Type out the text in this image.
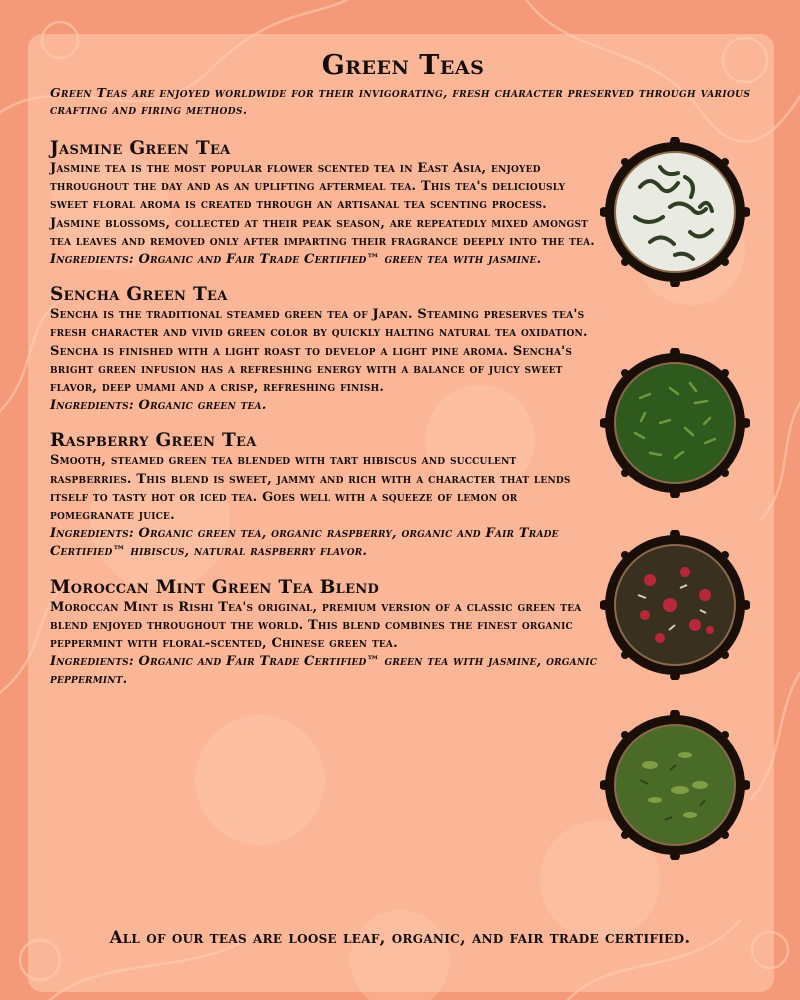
Green Teas

Green Teas are enjoyed worldwide for their invigorating, fresh character preserved through various crafting and firing methods.

Jasmine Green Tea

Jasmine tea is the most popular flower scented tea in East Asia, enjoyed throughout the day and as an uplifting aftermeal tea. This tea's deliciously sweet floral aroma is created through an artisanal tea scenting process. Jasmine blossoms, collected at their peak season, are repeatedly mixed amongst tea leaves and removed only after imparting their fragrance deeply into the tea.

Ingredients: Organic and Fair Trade Certified™ green tea with jasmine.

Sencha Green Tea

Sencha is the traditional steamed green tea of Japan. Steaming preserves tea's fresh character and vivid green color by quickly halting natural tea oxidation. Sencha is finished with a light roast to develop a light pine aroma. Sencha's bright green infusion has a refreshing energy with a balance of juicy sweet flavor, deep umami and a crisp, refreshing finish.

Ingredients: Organic green tea.

Raspberry Green Tea

Smooth, steamed green tea blended with tart hibiscus and succulent raspberries. This blend is sweet, jammy and rich with a character that lends itself to tasty hot or iced tea. Goes well with a squeeze of lemon or pomegranate juice.

Ingredients: Organic green tea, organic raspberry, organic and Fair Trade Certified™ hibiscus, natural raspberry flavor.

Moroccan Mint Green Tea Blend

Moroccan Mint is Rishi Tea's original, premium version of a classic green tea blend enjoyed throughout the world. This blend combines the finest organic peppermint with floral-scented, Chinese green tea.

Ingredients: Organic and Fair Trade Certified™ green tea with jasmine, organic peppermint.

All of our teas are loose leaf, organic, and fair trade certified.
